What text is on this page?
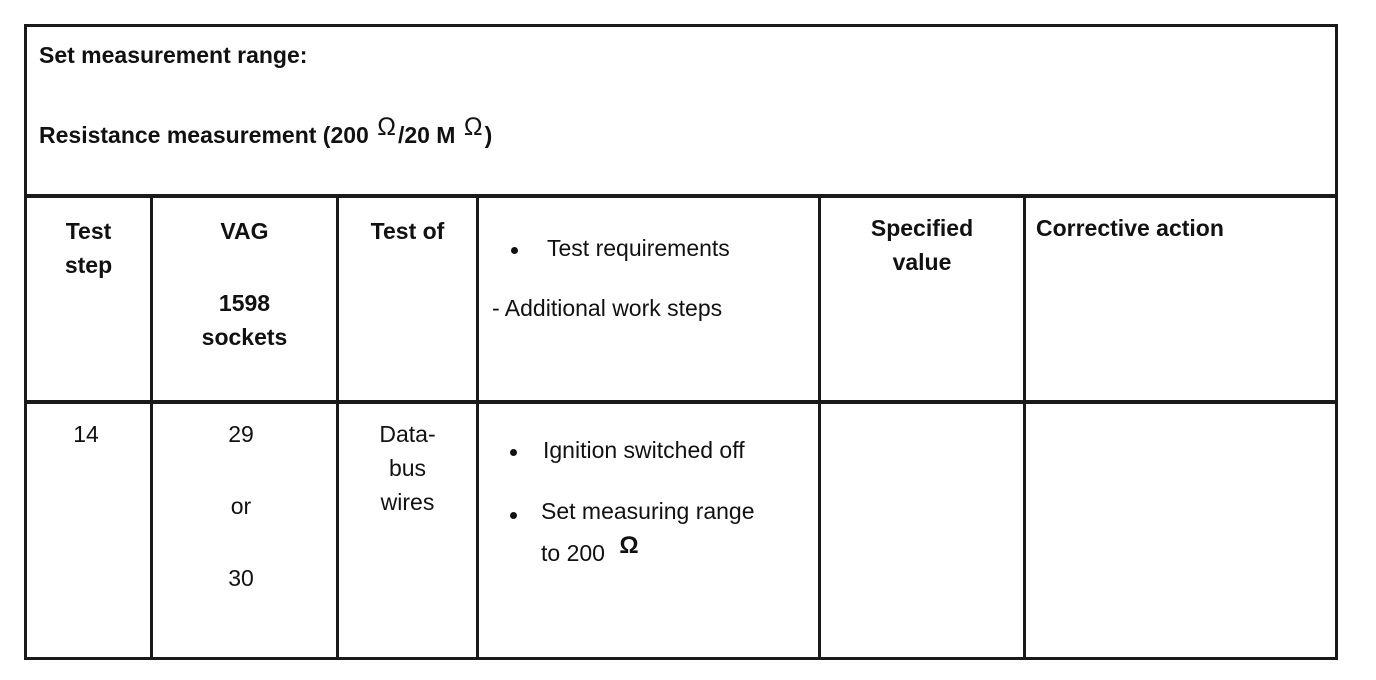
Set measurement range:
Resistance measurement (200 Ω/20 M Ω)
Test
step
VAG
1598
sockets
Test of
Test requirements
- Additional work steps
Specified
value
Corrective action
14	29
or
30
Data-
bus
wires
Ignition switched off
Set measuring range
to 200 Ω
